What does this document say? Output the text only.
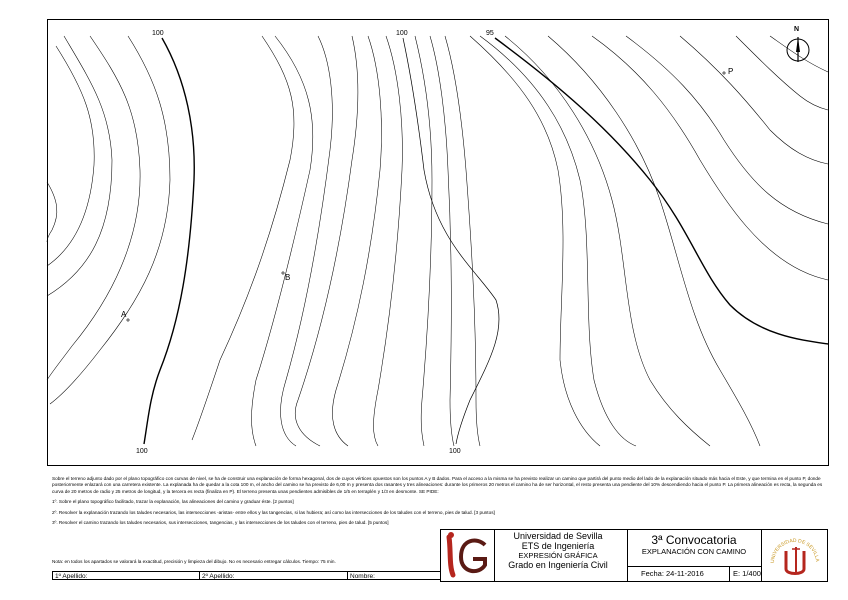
100	100	95
100	100
A
B
P
N

Sobre el terreno adjunto dado por el plano topográfico con curvas de nivel, se ha de construir una explanación de forma hexagonal, dos de cuyos vértices opuestos son los puntos A y B dados. Para el acceso a la misma se ha previsto realizar un camino que partirá del punto medio del lado de la explanación situado más hacia el Este, y que termina en el punto P, donde posteriormente enlazará con una carretera existente. La explanada ha de quedar a la cota 100 m, el ancho del camino se ha previsto de 6,00 m y presenta dos rasantes y tres alineaciones: durante los primeros 20 metros el camino ha de ser horizontal, el resto presenta una pendiente del 10% descendiendo hacia el punto P. La primera alineación es recta, la segunda es curva de 20 metros de radio y 25 metros de longitud, y la tercera es recta (finaliza en P). El terreno presenta unas pendientes admisibles de 1/5 en terraplén y 1/3 en desmonte. SE PIDE:

1º. Sobre el plano topográfico facilitado, trazar la explanación, las alineaciones del camino y graduar éste. [2 puntos]

2º. Resolver la explanación trazando los taludes necesarios, las intersecciones -aristas- entre ellos y las tangencias, si las hubiera; así como las intersecciones de los taludes con el terreno, pies de talud. [3 puntos]

3º. Resolver el camino trazando los taludes necesarios, sus intersecciones, tangencias, y las intersecciones de los taludes con el terreno, pies de talud. [5 puntos]

Nota: en todos los apartados se valorará la exactitud, precisión y limpieza del dibujo. No es necesario entregar cálculos. Tiempo: 75 min.
1º Apellido:	2º Apellido:	Nombre:
Universidad de Sevilla
ETS de Ingeniería
EXPRESIÓN GRÁFICA
Grado en Ingeniería Civil
3ª Convocatoria
EXPLANACIÓN CON CAMINO
Fecha: 24-11-2016	E: 1/400
UNIVERSIDAD DE SEVILLA
